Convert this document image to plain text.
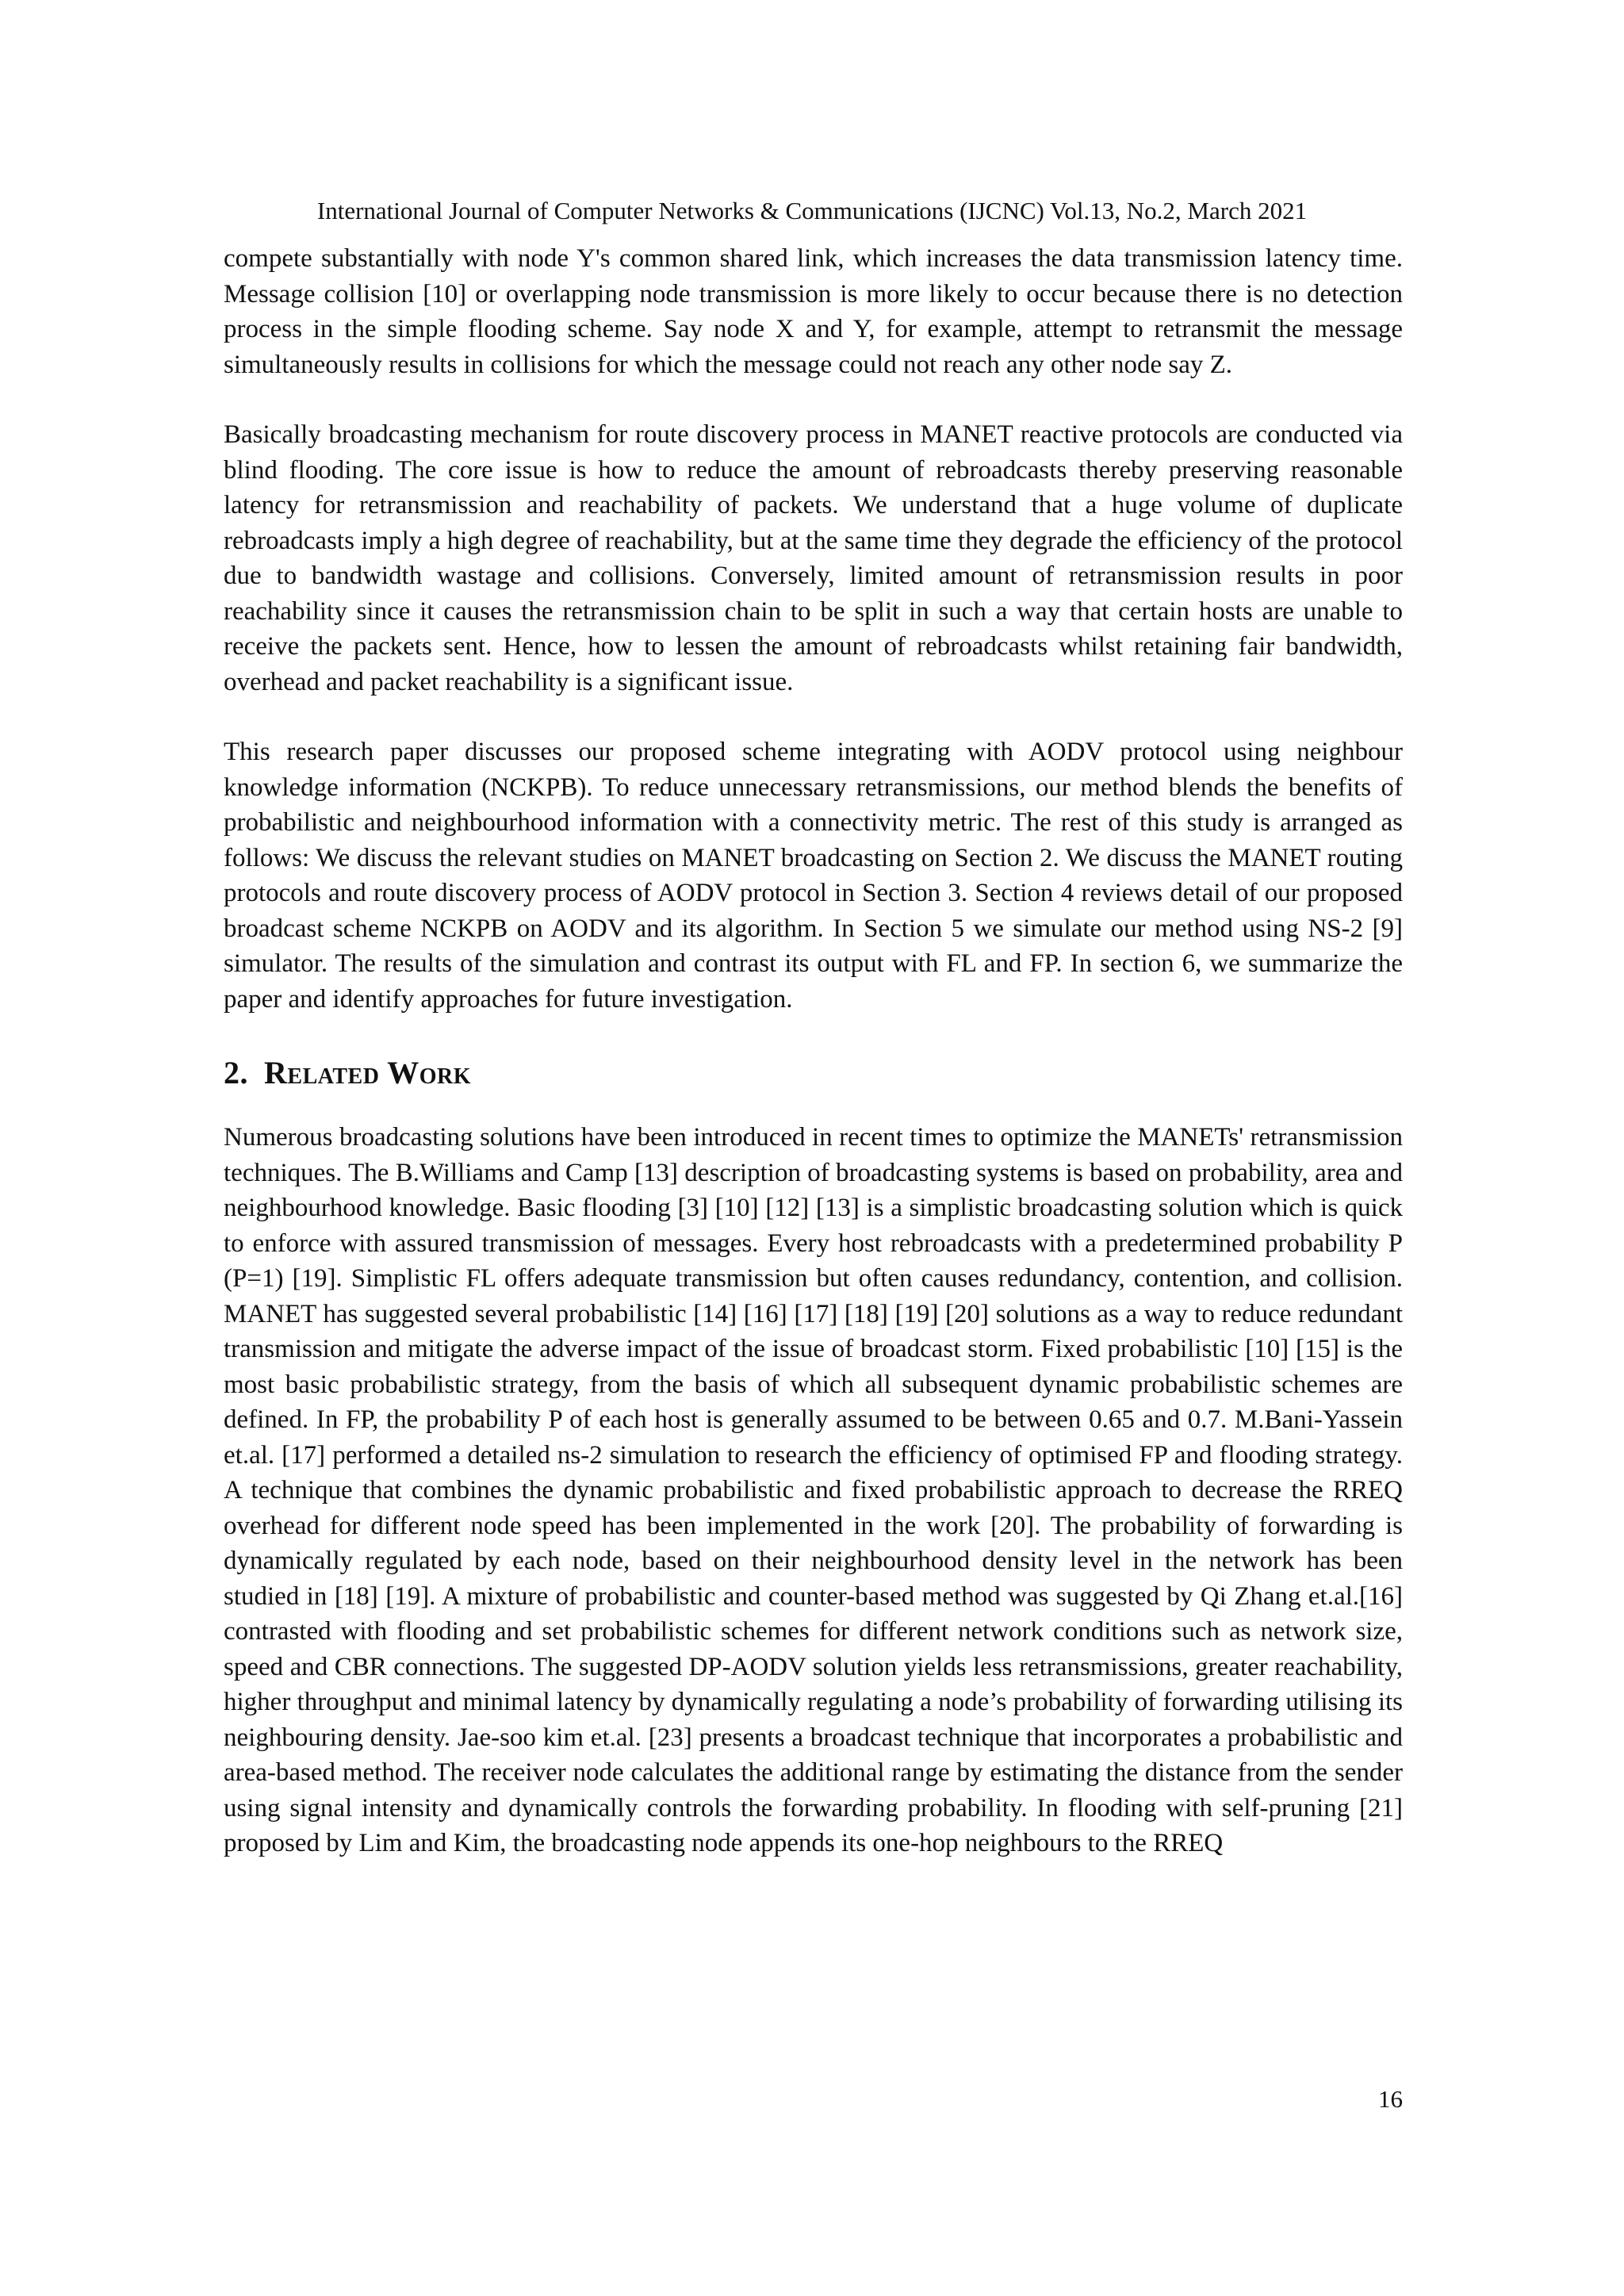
International Journal of Computer Networks & Communications (IJCNC) Vol.13, No.2, March 2021

compete substantially with node Y's common shared link, which increases the data transmission latency time. Message collision [10] or overlapping node transmission is more likely to occur because there is no detection process in the simple flooding scheme. Say node X and Y, for example, attempt to retransmit the message simultaneously results in collisions for which the message could not reach any other node say Z.

Basically broadcasting mechanism for route discovery process in MANET reactive protocols are conducted via blind flooding. The core issue is how to reduce the amount of rebroadcasts thereby preserving reasonable latency for retransmission and reachability of packets. We understand that a huge volume of duplicate rebroadcasts imply a high degree of reachability, but at the same time they degrade the efficiency of the protocol due to bandwidth wastage and collisions. Conversely, limited amount of retransmission results in poor reachability since it causes the retransmission chain to be split in such a way that certain hosts are unable to receive the packets sent. Hence, how to lessen the amount of rebroadcasts whilst retaining fair bandwidth, overhead and packet reachability is a significant issue.

This research paper discusses our proposed scheme integrating with AODV protocol using neighbour knowledge information (NCKPB). To reduce unnecessary retransmissions, our method blends the benefits of probabilistic and neighbourhood information with a connectivity metric. The rest of this study is arranged as follows: We discuss the relevant studies on MANET broadcasting on Section 2. We discuss the MANET routing protocols and route discovery process of AODV protocol in Section 3. Section 4 reviews detail of our proposed broadcast scheme NCKPB on AODV and its algorithm. In Section 5 we simulate our method using NS-2 [9] simulator. The results of the simulation and contrast its output with FL and FP. In section 6, we summarize the paper and identify approaches for future investigation.

2. Related Work

Numerous broadcasting solutions have been introduced in recent times to optimize the MANETs' retransmission techniques. The B.Williams and Camp [13] description of broadcasting systems is based on probability, area and neighbourhood knowledge. Basic flooding [3] [10] [12] [13] is a simplistic broadcasting solution which is quick to enforce with assured transmission of messages. Every host rebroadcasts with a predetermined probability P (P=1) [19]. Simplistic FL offers adequate transmission but often causes redundancy, contention, and collision. MANET has suggested several probabilistic [14] [16] [17] [18] [19] [20] solutions as a way to reduce redundant transmission and mitigate the adverse impact of the issue of broadcast storm. Fixed probabilistic [10] [15] is the most basic probabilistic strategy, from the basis of which all subsequent dynamic probabilistic schemes are defined. In FP, the probability P of each host is generally assumed to be between 0.65 and 0.7. M.Bani-Yassein et.al. [17] performed a detailed ns-2 simulation to research the efficiency of optimised FP and flooding strategy. A technique that combines the dynamic probabilistic and fixed probabilistic approach to decrease the RREQ overhead for different node speed has been implemented in the work [20]. The probability of forwarding is dynamically regulated by each node, based on their neighbourhood density level in the network has been studied in [18] [19]. A mixture of probabilistic and counter-based method was suggested by Qi Zhang et.al.[16] contrasted with flooding and set probabilistic schemes for different network conditions such as network size, speed and CBR connections. The suggested DP-AODV solution yields less retransmissions, greater reachability, higher throughput and minimal latency by dynamically regulating a node’s probability of forwarding utilising its neighbouring density. Jae-soo kim et.al. [23] presents a broadcast technique that incorporates a probabilistic and area-based method. The receiver node calculates the additional range by estimating the distance from the sender using signal intensity and dynamically controls the forwarding probability. In flooding with self-pruning [21] proposed by Lim and Kim, the broadcasting node appends its one-hop neighbours to the RREQ

16
